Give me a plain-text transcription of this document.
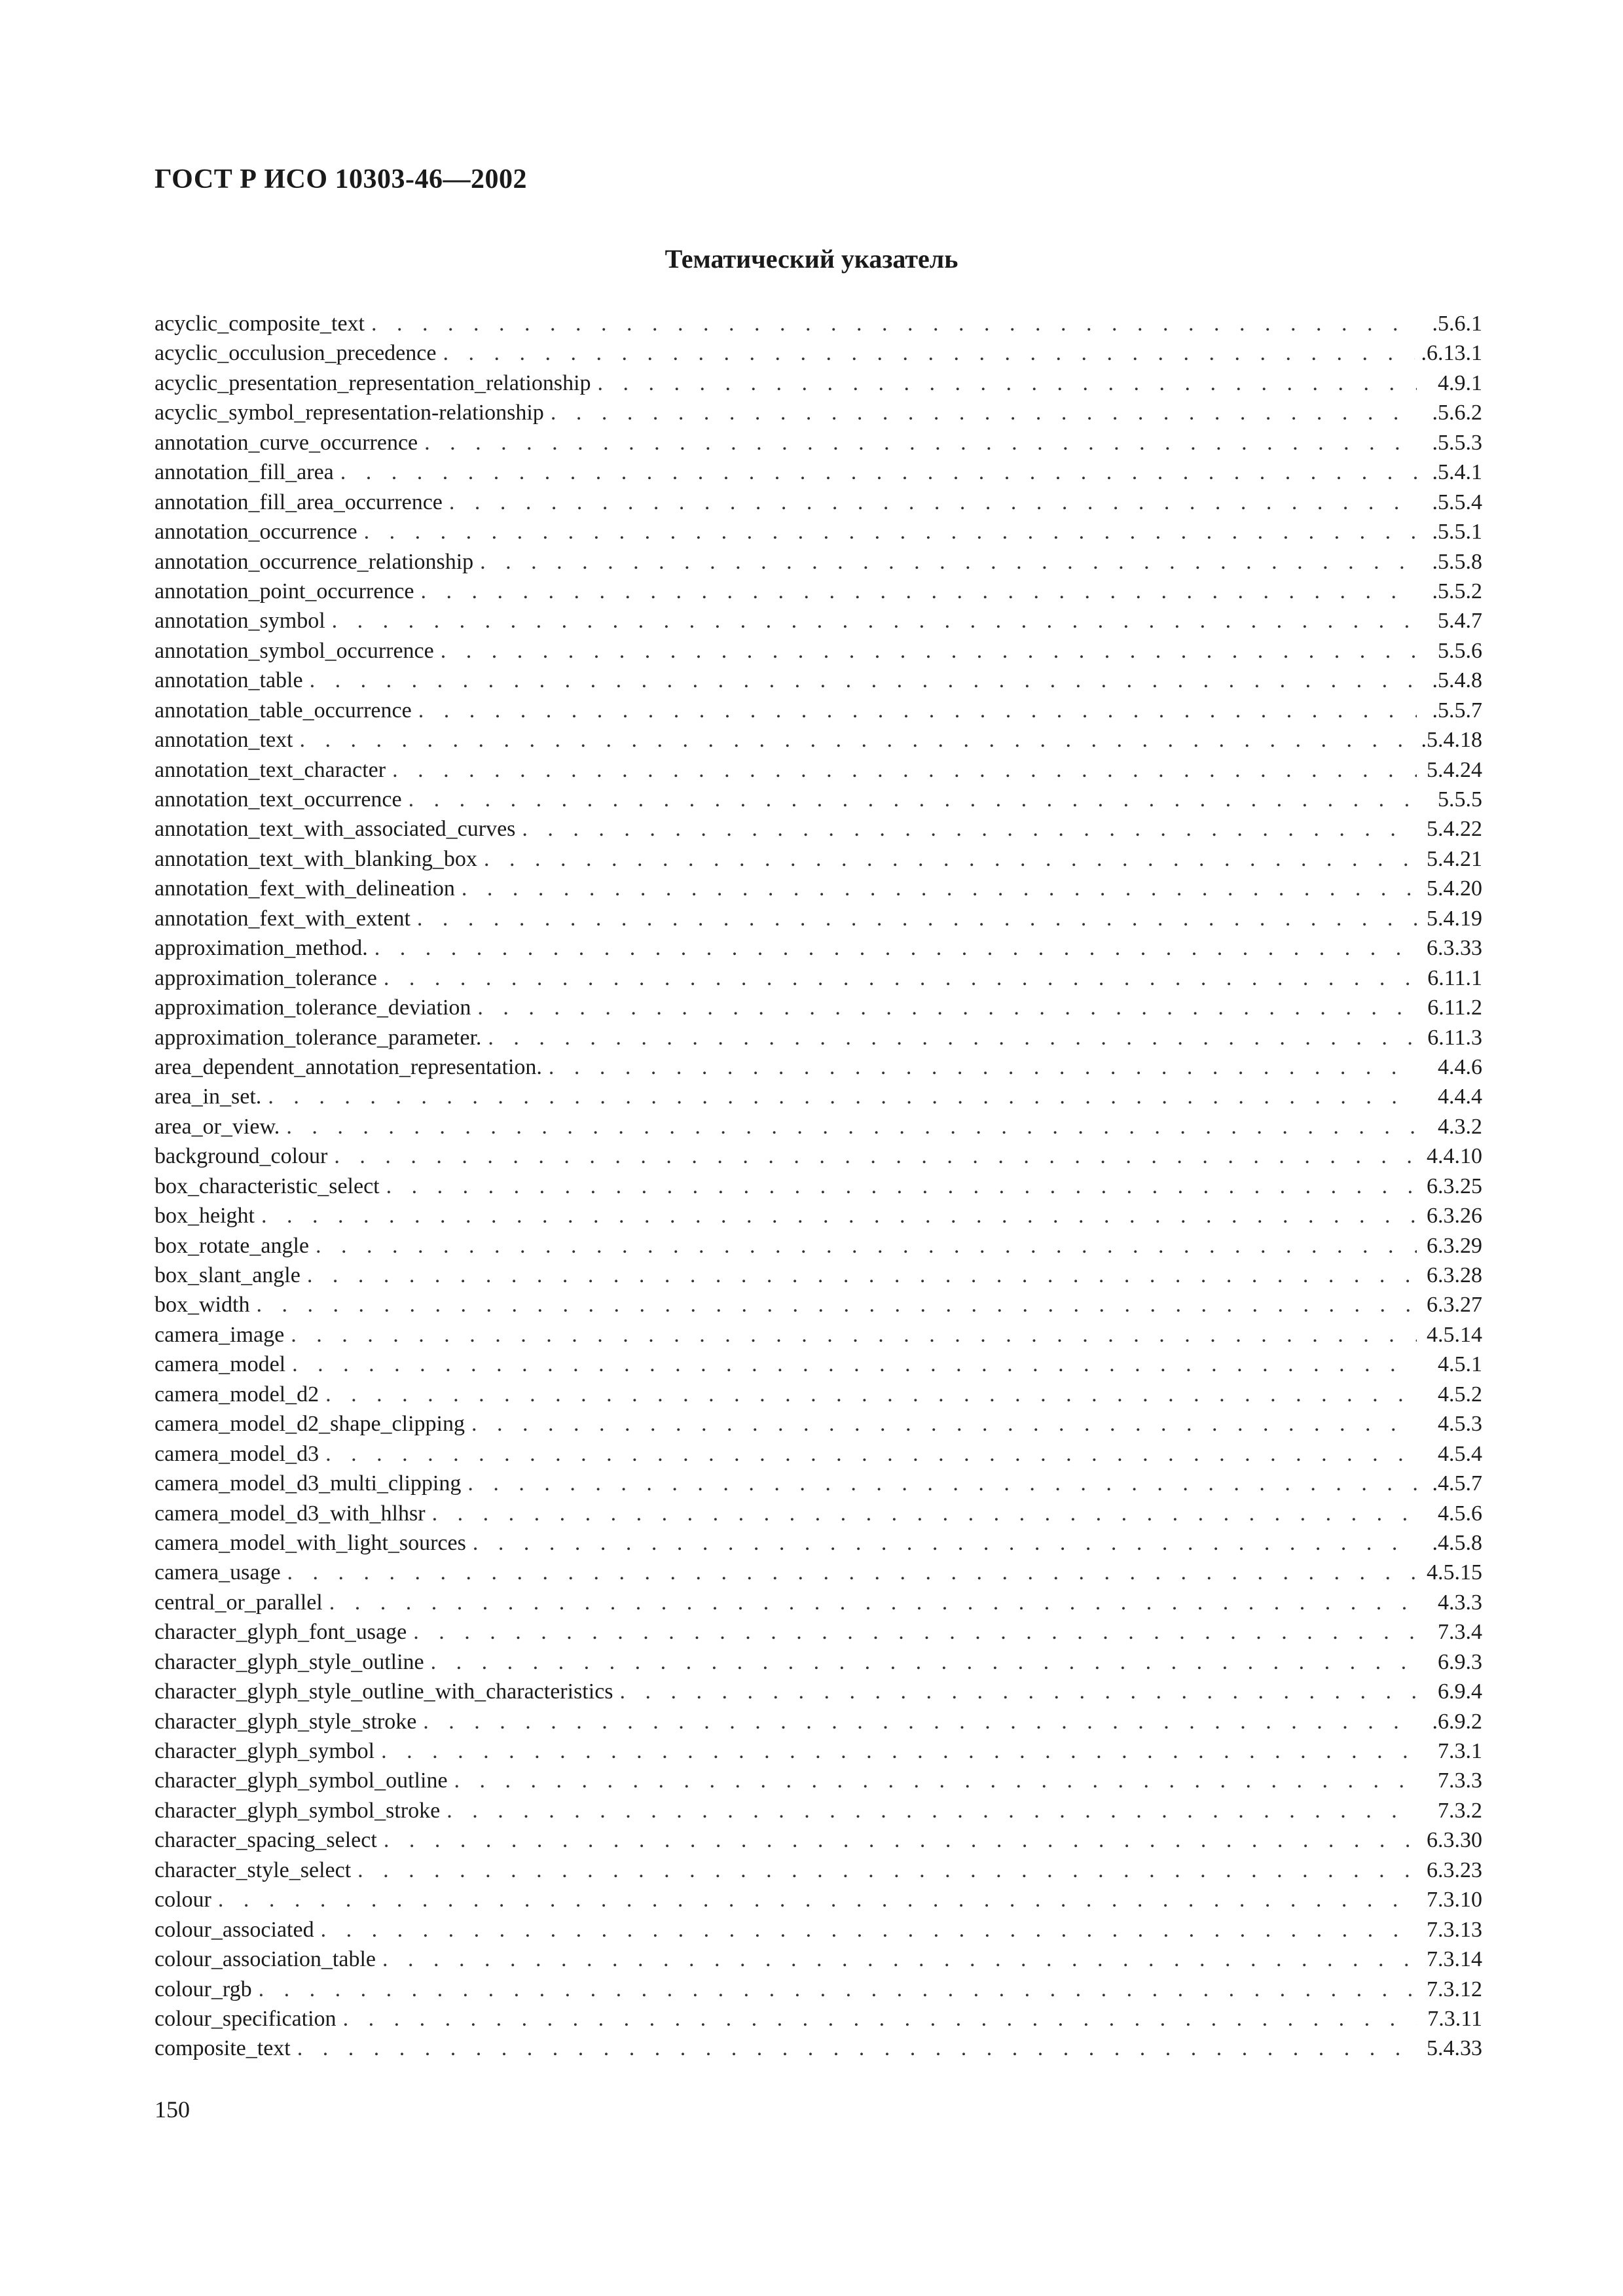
ГОСТ Р ИСО 10303-46—2002
Тематический указатель
acyclic_composite_text . . .	.5.6.1
acyclic_occulusion_precedence . . .	.6.13.1
acyclic_presentation_representation_relationship . . .	4.9.1
acyclic_symbol_representation-relationship . . .	.5.6.2
annotation_curve_occurrence . . .	.5.5.3
annotation_fill_area . . .	.5.4.1
annotation_fill_area_occurrence . . .	.5.5.4
annotation_occurrence . . .	.5.5.1
annotation_occurrence_relationship . . .	.5.5.8
annotation_point_occurrence . . .	.5.5.2
annotation_symbol . . .	5.4.7
annotation_symbol_occurrence . . .	5.5.6
annotation_table . . .	.5.4.8
annotation_table_occurrence . . .	.5.5.7
annotation_text . . .	.5.4.18
annotation_text_character . . .	5.4.24
annotation_text_occurrence . . .	5.5.5
annotation_text_with_associated_curves . . .	5.4.22
annotation_text_with_blanking_box . . .	5.4.21
annotation_fext_with_delineation . . .	5.4.20
annotation_fext_with_extent . . .	5.4.19
approximation_method. . . .	6.3.33
approximation_tolerance . . .	6.11.1
approximation_tolerance_deviation . . .	6.11.2
approximation_tolerance_parameter. . . .	6.11.3
area_dependent_annotation_representation. . . .	4.4.6
area_in_set. . . .	4.4.4
area_or_view. . . .	4.3.2
background_colour . . .	4.4.10
box_characteristic_select . . .	6.3.25
box_height . . .	6.3.26
box_rotate_angle . . .	6.3.29
box_slant_angle . . .	6.3.28
box_width . . .	6.3.27
camera_image . . .	4.5.14
camera_model . . .	4.5.1
camera_model_d2 . . .	4.5.2
camera_model_d2_shape_clipping . . .	4.5.3
camera_model_d3 . . .	4.5.4
camera_model_d3_multi_clipping . . .	.4.5.7
camera_model_d3_with_hlhsr . . .	4.5.6
camera_model_with_light_sources . . .	.4.5.8
camera_usage . . .	4.5.15
central_or_parallel . . .	4.3.3
character_glyph_font_usage . . .	7.3.4
character_glyph_style_outline . . .	6.9.3
character_glyph_style_outline_with_characteristics . . .	6.9.4
character_glyph_style_stroke . . .	.6.9.2
character_glyph_symbol . . .	7.3.1
character_glyph_symbol_outline . . .	7.3.3
character_glyph_symbol_stroke . . .	7.3.2
character_spacing_select . . .	6.3.30
character_style_select . . .	6.3.23
colour . . .	7.3.10
colour_associated . . .	7.3.13
colour_association_table . . .	7.3.14
colour_rgb . . .	7.3.12
colour_specification . . .	7.3.11
composite_text . . .	5.4.33

150
